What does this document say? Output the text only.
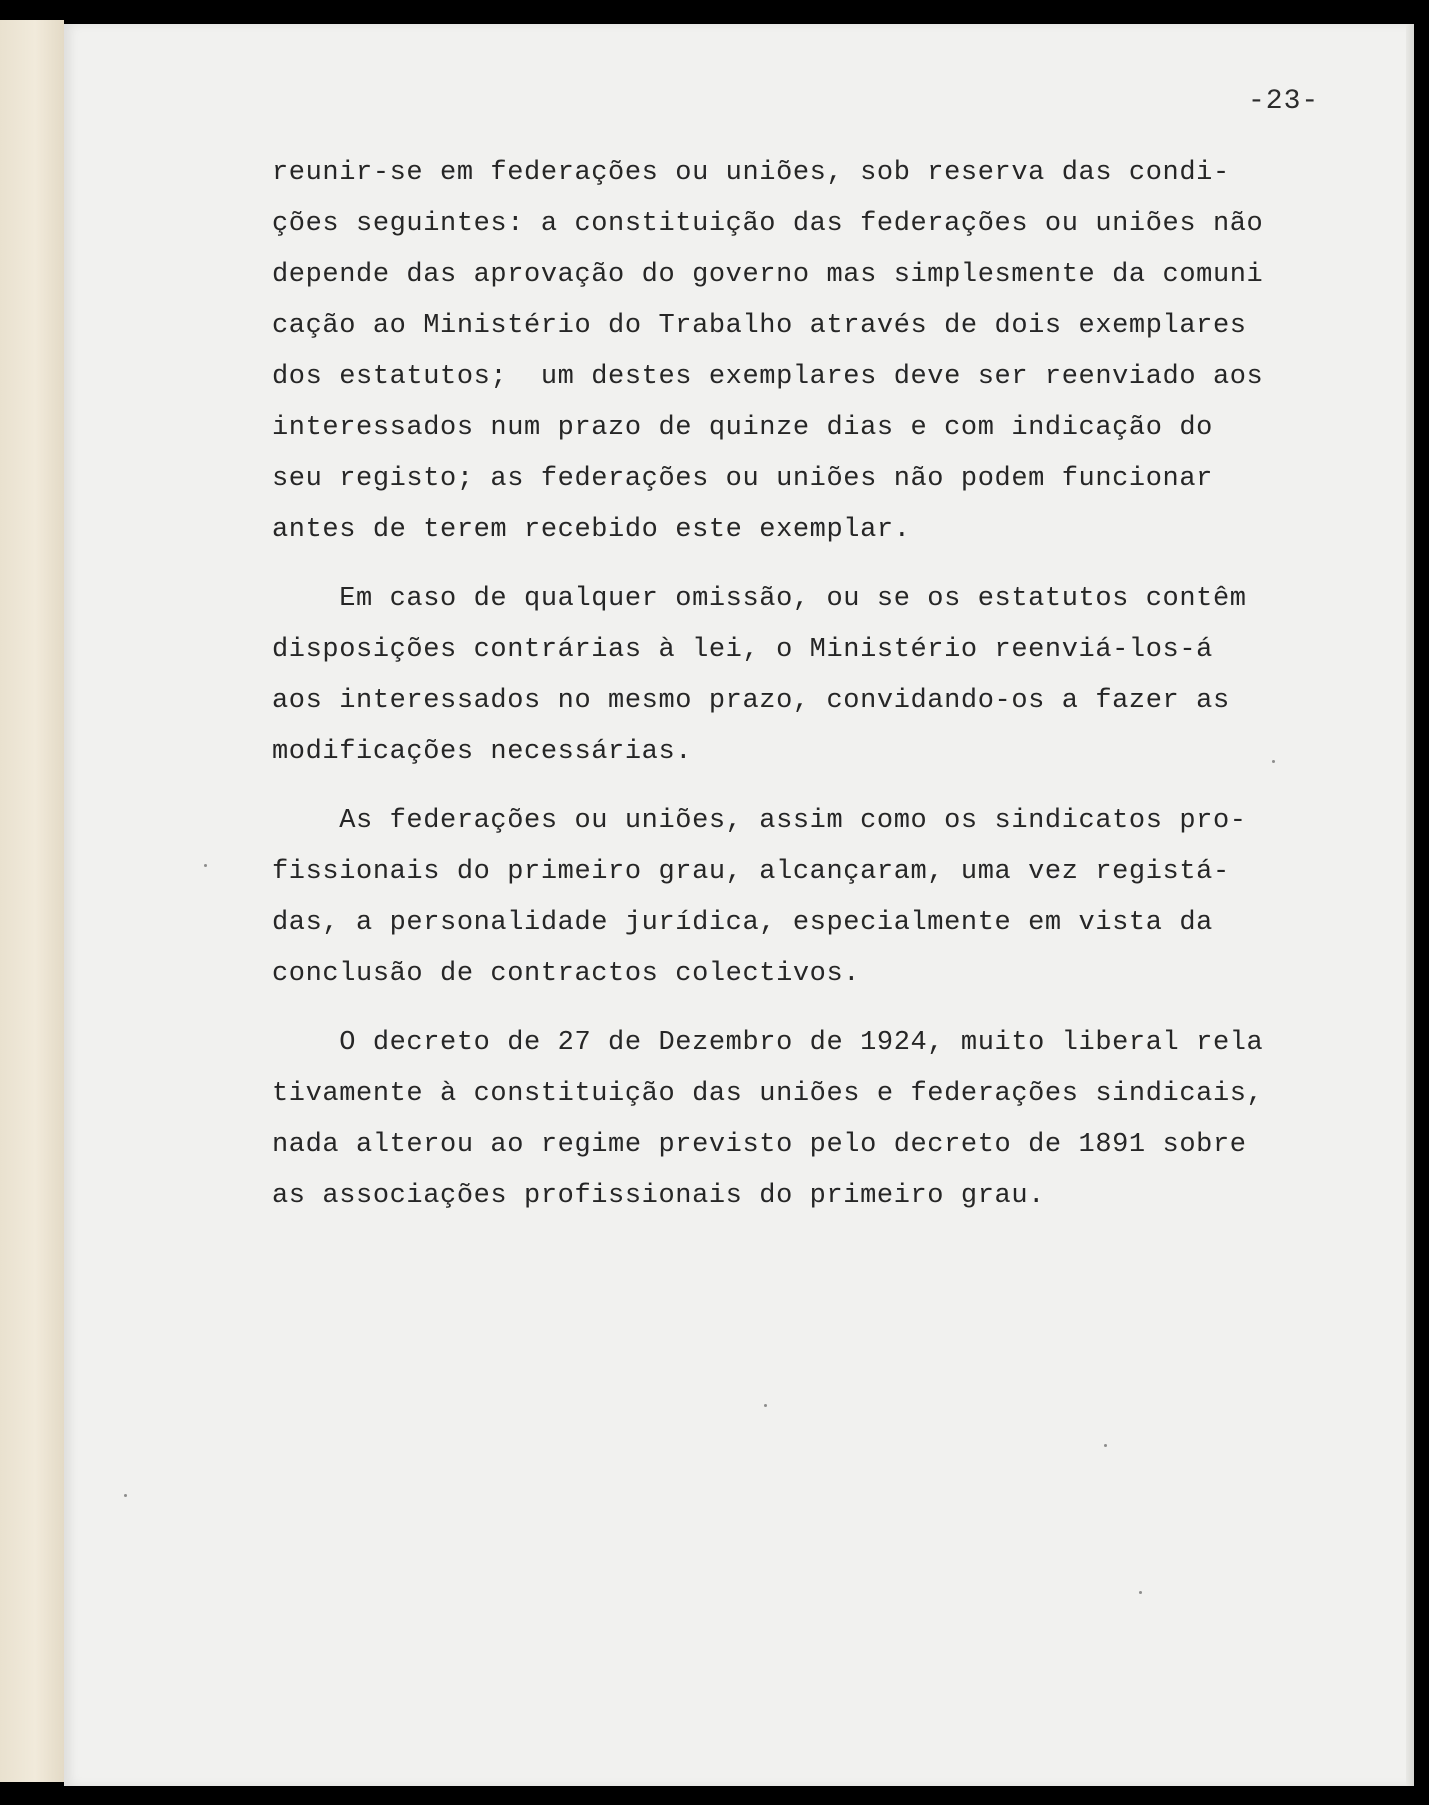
-23-

reunir-se em federações ou uniões, sob reserva das condi-
ções seguintes: a constituição das federações ou uniões não
depende das aprovação do governo mas simplesmente da comuni
cação ao Ministério do Trabalho através de dois exemplares
dos estatutos;  um destes exemplares deve ser reenviado aos
interessados num prazo de quinze dias e com indicação do
seu registo; as federações ou uniões não podem funcionar
antes de terem recebido este exemplar.

Em caso de qualquer omissão, ou se os estatutos contêm
disposições contrárias à lei, o Ministério reenviá-los-á
aos interessados no mesmo prazo, convidando-os a fazer as
modificações necessárias.

As federações ou uniões, assim como os sindicatos pro-
fissionais do primeiro grau, alcançaram, uma vez registá-
das, a personalidade jurídica, especialmente em vista da
conclusão de contractos colectivos.

O decreto de 27 de Dezembro de 1924, muito liberal rela
tivamente à constituição das uniões e federações sindicais,
nada alterou ao regime previsto pelo decreto de 1891 sobre
as associações profissionais do primeiro grau.
